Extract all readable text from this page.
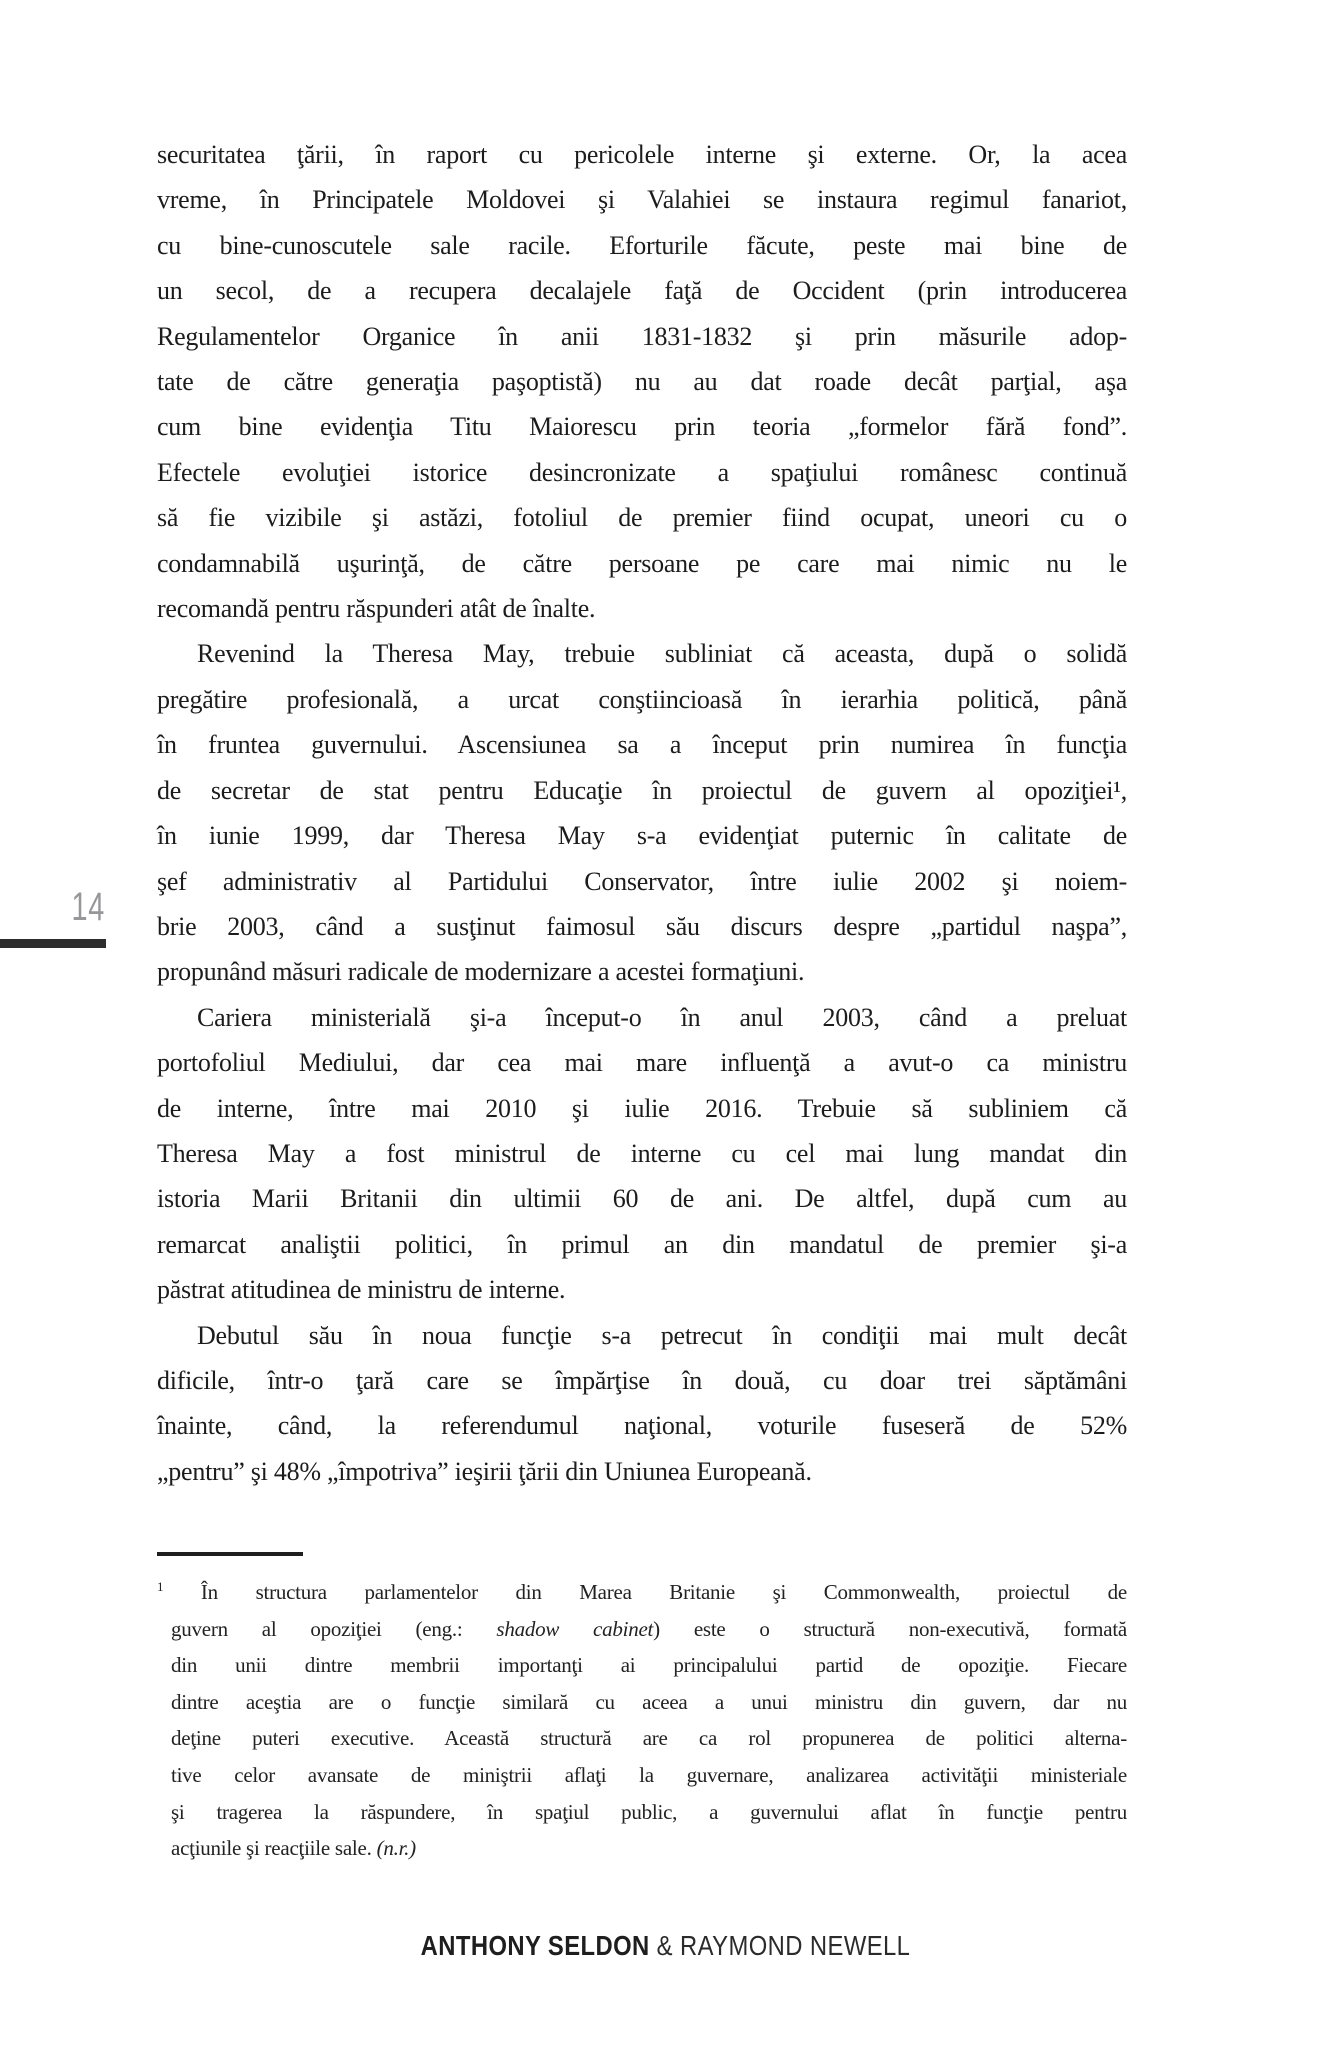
securitatea ţării, în raport cu pericolele interne şi externe. Or, la acea
vreme, în Principatele Moldovei şi Valahiei se instaura regimul fanariot,
cu bine-cunoscutele sale racile. Eforturile făcute, peste mai bine de
un secol, de a recupera decalajele faţă de Occident (prin introducerea
Regulamentelor Organice în anii 1831-1832 şi prin măsurile adop-
tate de către generaţia paşoptistă) nu au dat roade decât parţial, aşa
cum bine evidenţia Titu Maiorescu prin teoria „formelor fără fond”.
Efectele evoluţiei istorice desincronizate a spaţiului românesc continuă
să fie vizibile şi astăzi, fotoliul de premier fiind ocupat, uneori cu o
condamnabilă uşurinţă, de către persoane pe care mai nimic nu le
recomandă pentru răspunderi atât de înalte.
Revenind la Theresa May, trebuie subliniat că aceasta, după o solidă
pregătire profesională, a urcat conştiincioasă în ierarhia politică, până
în fruntea guvernului. Ascensiunea sa a început prin numirea în funcţia
de secretar de stat pentru Educaţie în proiectul de guvern al opoziţiei¹,
în iunie 1999, dar Theresa May s-a evidenţiat puternic în calitate de
şef administrativ al Partidului Conservator, între iulie 2002 şi noiem-
brie 2003, când a susţinut faimosul său discurs despre „partidul naşpa”,
propunând măsuri radicale de modernizare a acestei formaţiuni.
Cariera ministerială şi-a început-o în anul 2003, când a preluat
portofoliul Mediului, dar cea mai mare influenţă a avut-o ca ministru
de interne, între mai 2010 şi iulie 2016. Trebuie să subliniem că
Theresa May a fost ministrul de interne cu cel mai lung mandat din
istoria Marii Britanii din ultimii 60 de ani. De altfel, după cum au
remarcat analiştii politici, în primul an din mandatul de premier şi-a
păstrat atitudinea de ministru de interne.
Debutul său în noua funcţie s-a petrecut în condiţii mai mult decât
dificile, într-o ţară care se împărţise în două, cu doar trei săptămâni
înainte, când, la referendumul naţional, voturile fuseseră de 52%
„pentru” şi 48% „împotriva” ieşirii ţării din Uniunea Europeană.
14
$^1$ În structura parlamentelor din Marea Britanie şi Commonwealth, proiectul de
guvern al opoziţiei (eng.: shadow cabinet) este o structură non-executivă, formată
din unii dintre membrii importanţi ai principalului partid de opoziţie. Fiecare
dintre aceştia are o funcţie similară cu aceea a unui ministru din guvern, dar nu
deţine puteri executive. Această structură are ca rol propunerea de politici alterna-
tive celor avansate de miniştrii aflaţi la guvernare, analizarea activităţii ministeriale
şi tragerea la răspundere, în spaţiul public, a guvernului aflat în funcţie pentru
acţiunile şi reacţiile sale. (n.r.)
ANTHONY SELDON & RAYMOND NEWELL
